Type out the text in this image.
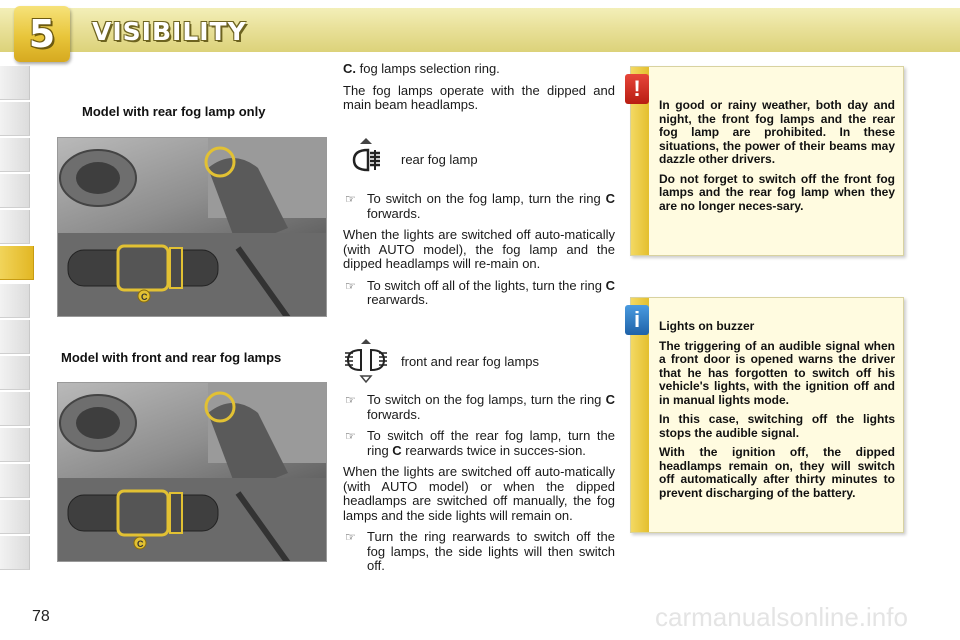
5 VISIBILITY
Model with rear fog lamp only
C
Model with front and rear fog lamps
C

C. fog lamps selection ring.

The fog lamps operate with the dipped and main beam headlamps.

rear fog lamp

☞ To switch on the fog lamp, turn the ring C forwards.

When the lights are switched off auto-matically (with AUTO model), the fog lamp and the dipped headlamps will re-main on.

☞ To switch off all of the lights, turn the ring C rearwards.

front and rear fog lamps

☞ To switch on the fog lamps, turn the ring C forwards.

☞ To switch off the rear fog lamp, turn the ring C rearwards twice in succes-sion.

When the lights are switched off auto-matically (with AUTO model) or when the dipped headlamps are switched off manually, the fog lamps and the side lights will remain on.

☞ Turn the ring rearwards to switch off the fog lamps, the side lights will then switch off.

In good or rainy weather, both day and night, the front fog lamps and the rear fog lamp are prohibited. In these situations, the power of their beams may dazzle other drivers.

Do not forget to switch off the front fog lamps and the rear fog lamp when they are no longer neces-sary.

!

Lights on buzzer

The triggering of an audible signal when a front door is opened warns the driver that he has forgotten to switch off his vehicle's lights, with the ignition off and in manual lights mode.

In this case, switching off the lights stops the audible signal.

With the ignition off, the dipped headlamps remain on, they will switch off automatically after thirty minutes to prevent discharging of the battery.

i
78	carmanualsonline.info
